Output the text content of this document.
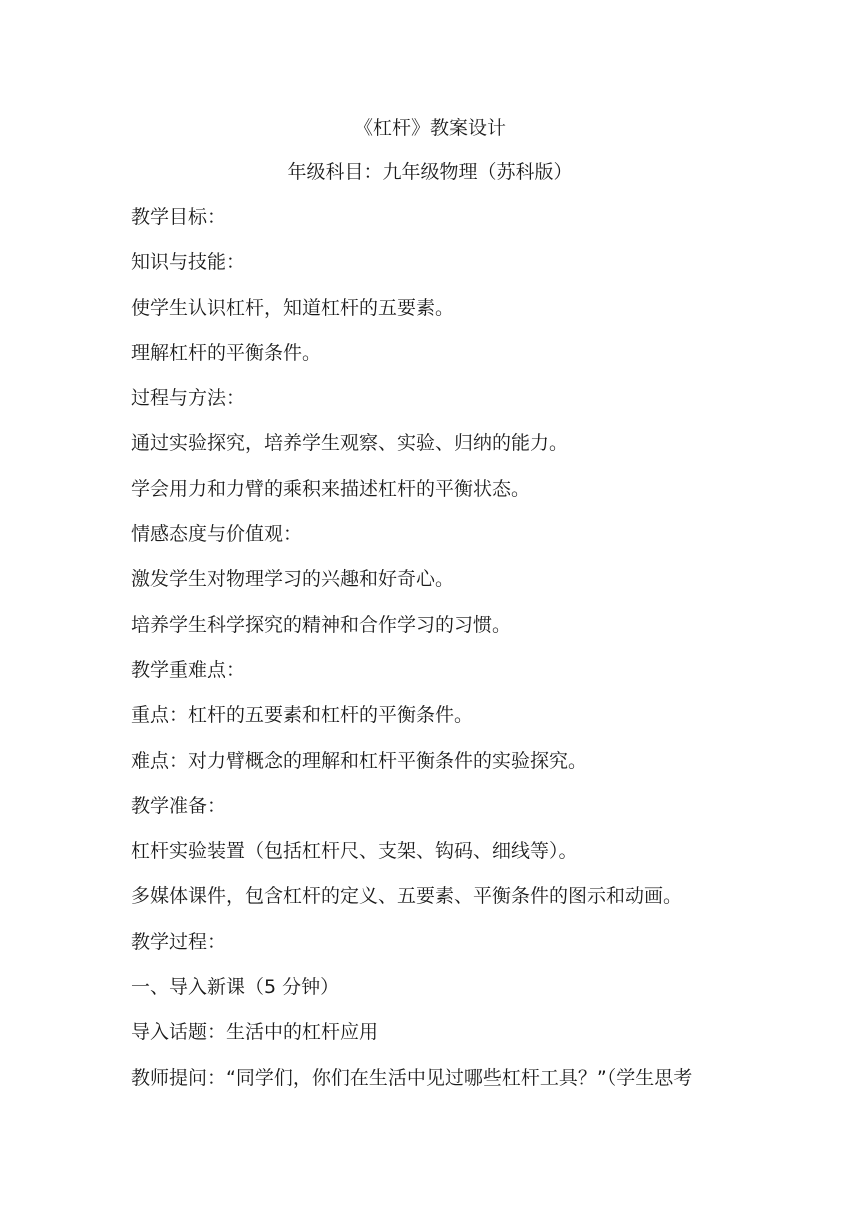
《杠杆》教案设计
年级科目：九年级物理（苏科版）
教学目标：
知识与技能：
使学生认识杠杆，知道杠杆的五要素。
理解杠杆的平衡条件。
过程与方法：
通过实验探究，培养学生观察、实验、归纳的能力。
学会用力和力臂的乘积来描述杠杆的平衡状态。
情感态度与价值观：
激发学生对物理学习的兴趣和好奇心。
培养学生科学探究的精神和合作学习的习惯。
教学重难点：
重点：杠杆的五要素和杠杆的平衡条件。
难点：对力臂概念的理解和杠杆平衡条件的实验探究。
教学准备：
杠杆实验装置（包括杠杆尺、支架、钩码、细线等）。
多媒体课件，包含杠杆的定义、五要素、平衡条件的图示和动画。
教学过程：
一、导入新课（5 分钟）
导入话题：生活中的杠杆应用
教师提问：“同学们，你们在生活中见过哪些杠杆工具？”（学生思考
